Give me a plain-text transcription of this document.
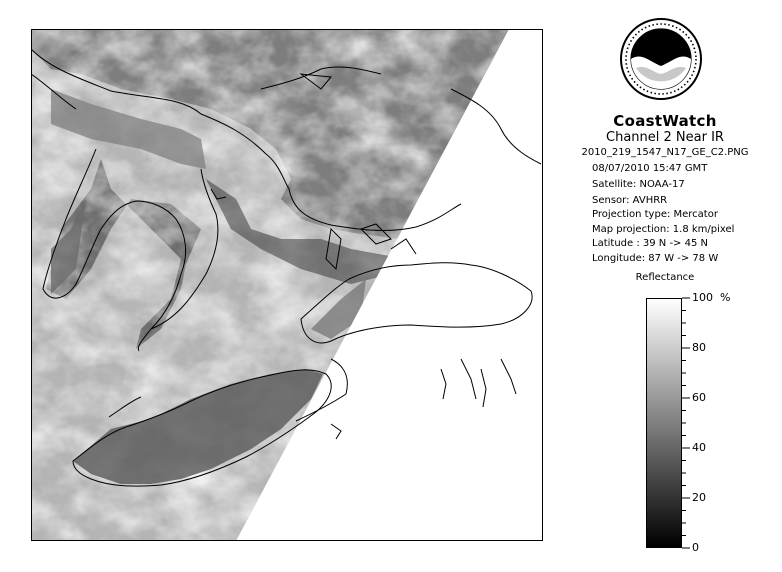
CoastWatch
Channel 2 Near IR
2010_219_1547_N17_GE_C2.PNG
08/07/2010 15:47 GMT
Satellite: NOAA-17
Sensor: AVHRR
Projection type: Mercator
Map projection: 1.8 km/pixel
Latitude : 39 N -> 45 N
Longitude: 87 W -> 78 W
Reflectance
%
100
80
60
40
20
0
